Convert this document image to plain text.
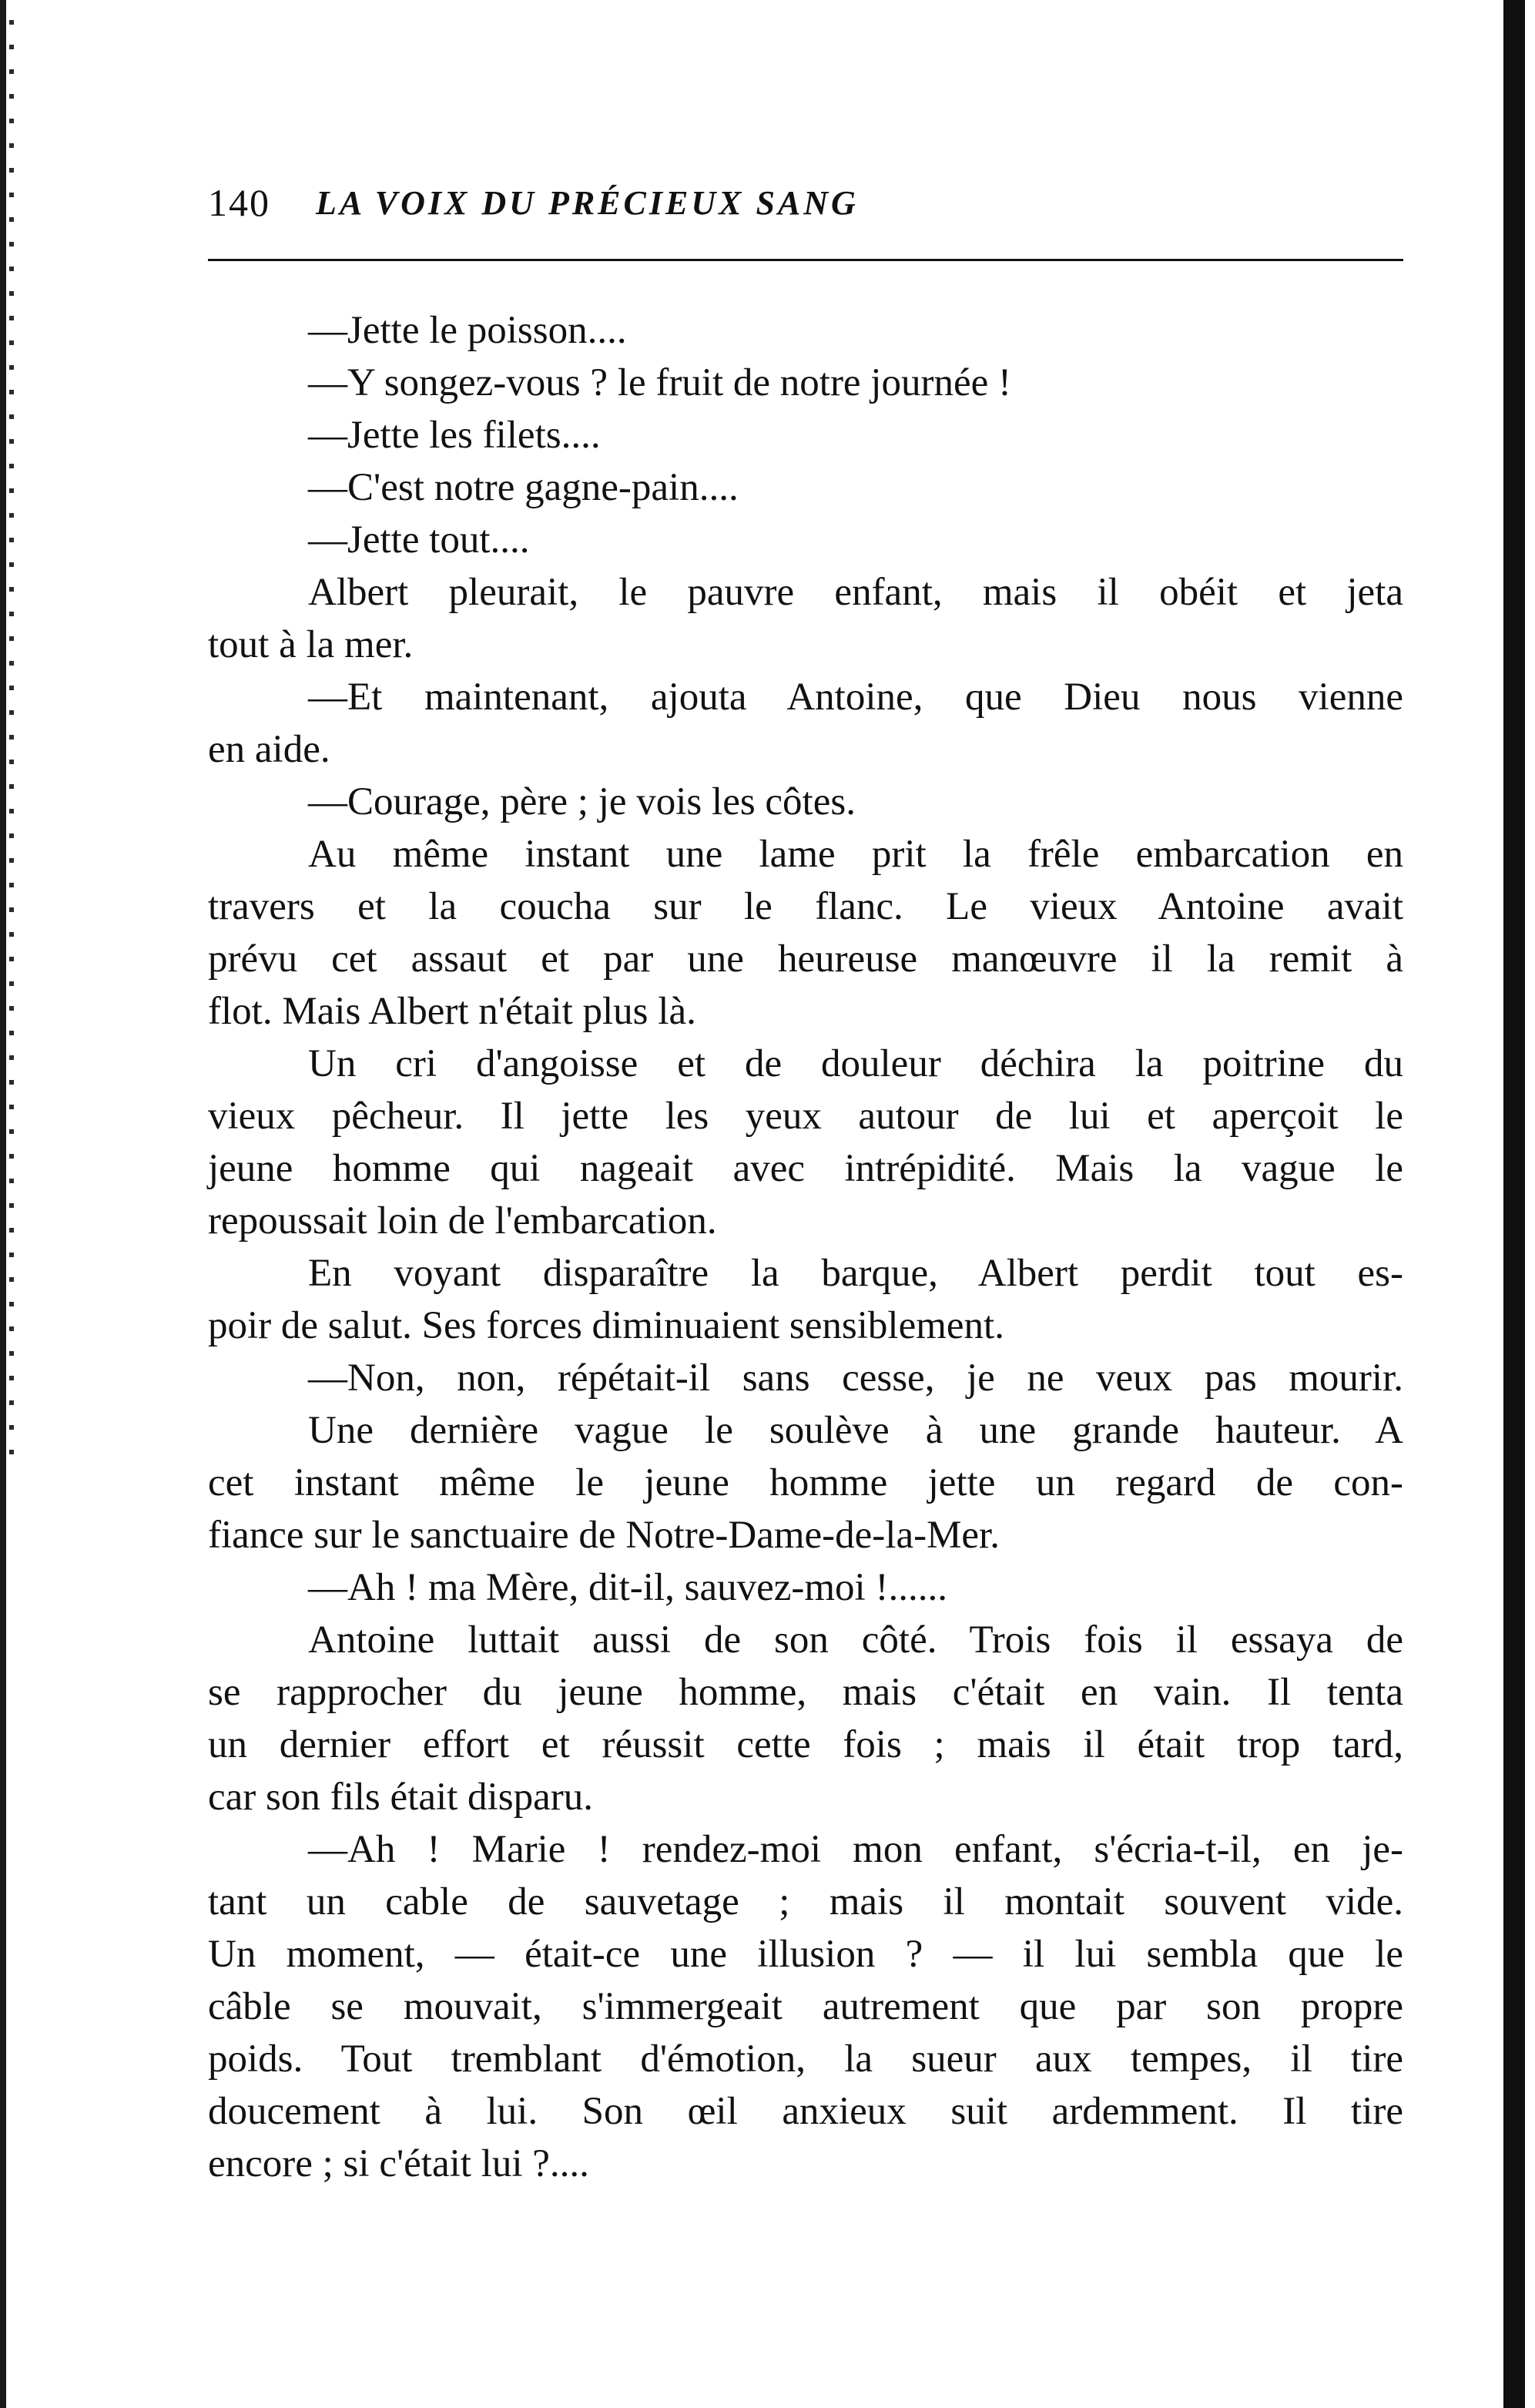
140 LA VOIX DU PRÉCIEUX SANG
—Jette le poisson....
—Y songez-vous ? le fruit de notre journée !
—Jette les filets....
—C'est notre gagne-pain....
—Jette tout....
Albert pleurait, le pauvre enfant, mais il obéit et jeta
tout à la mer.
—Et maintenant, ajouta Antoine, que Dieu nous vienne
en aide.
—Courage, père ; je vois les côtes.
Au même instant une lame prit la frêle embarcation en
travers et la coucha sur le flanc. Le vieux Antoine avait
prévu cet assaut et par une heureuse manœuvre il la remit à
flot. Mais Albert n'était plus là.
Un cri d'angoisse et de douleur déchira la poitrine du
vieux pêcheur. Il jette les yeux autour de lui et aperçoit le
jeune homme qui nageait avec intrépidité. Mais la vague le
repoussait loin de l'embarcation.
En voyant disparaître la barque, Albert perdit tout es-
poir de salut. Ses forces diminuaient sensiblement.
—Non, non, répétait-il sans cesse, je ne veux pas mourir.
Une dernière vague le soulève à une grande hauteur. A
cet instant même le jeune homme jette un regard de con-
fiance sur le sanctuaire de Notre-Dame-de-la-Mer.
—Ah ! ma Mère, dit-il, sauvez-moi !......
Antoine luttait aussi de son côté. Trois fois il essaya de
se rapprocher du jeune homme, mais c'était en vain. Il tenta
un dernier effort et réussit cette fois ; mais il était trop tard,
car son fils était disparu.
—Ah ! Marie ! rendez-moi mon enfant, s'écria-t-il, en je-
tant un cable de sauvetage ; mais il montait souvent vide.
Un moment, — était-ce une illusion ? — il lui sembla que le
câble se mouvait, s'immergeait autrement que par son propre
poids. Tout tremblant d'émotion, la sueur aux tempes, il tire
doucement à lui. Son œil anxieux suit ardemment. Il tire
encore ; si c'était lui ?....
